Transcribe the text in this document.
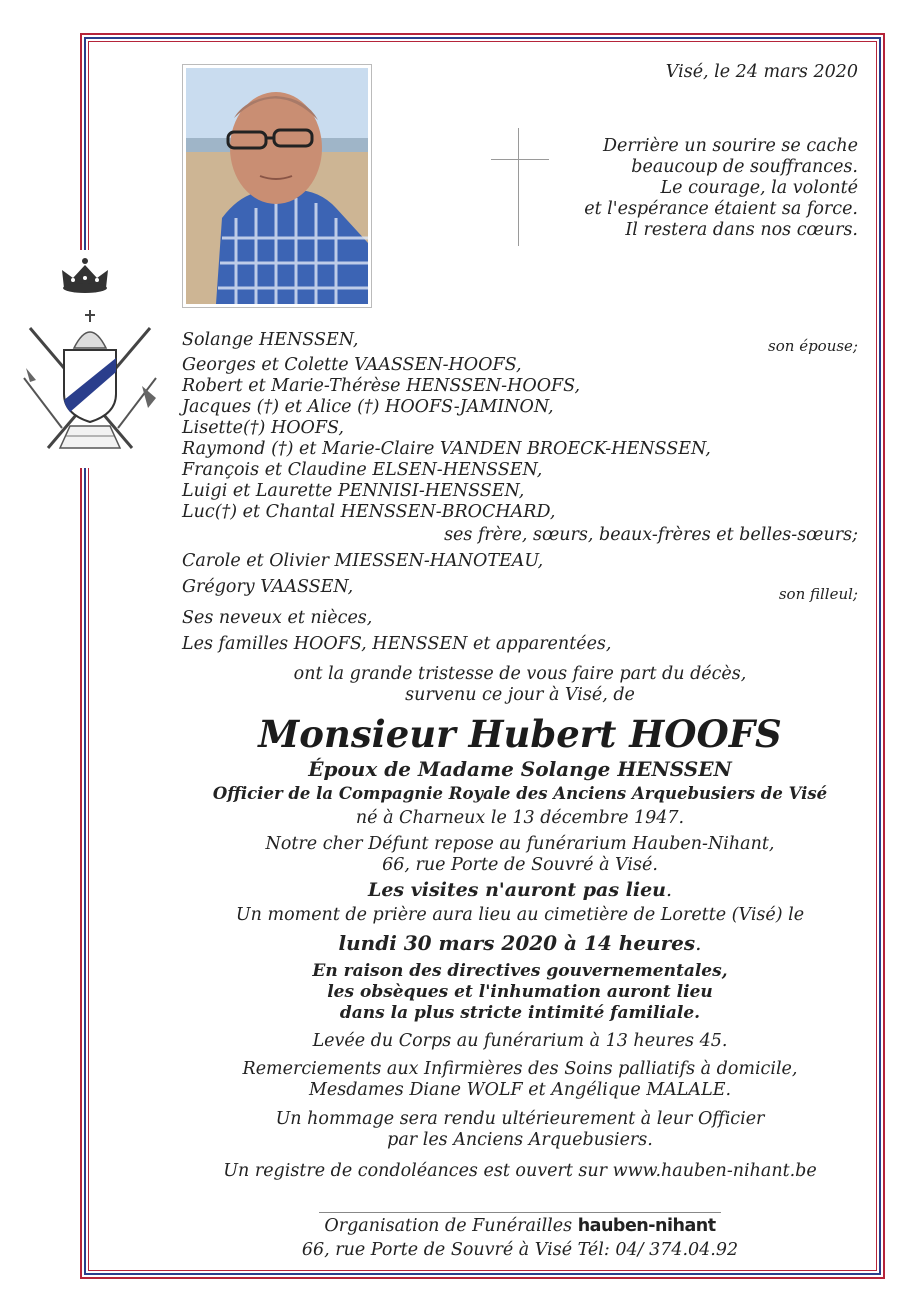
Visé, le 24 mars 2020
Derrière un sourire se cache
beaucoup de souffrances.
Le courage, la volonté
et l'espérance étaient sa force.
Il restera dans nos cœurs.
Solange HENSSEN,	son épouse;
Georges et Colette VAASSEN-HOOFS,
Robert et Marie-Thérèse HENSSEN-HOOFS,
Jacques (†) et Alice (†) HOOFS-JAMINON,
Lisette(†) HOOFS,
Raymond (†) et Marie-Claire VANDEN BROECK-HENSSEN,
François et Claudine ELSEN-HENSSEN,
Luigi et Laurette PENNISI-HENSSEN,
Luc(†) et Chantal HENSSEN-BROCHARD,
ses frère, sœurs, beaux-frères et belles-sœurs;
Carole et Olivier MIESSEN-HANOTEAU,
Grégory VAASSEN,	son filleul;
Ses neveux et nièces,
Les familles HOOFS, HENSSEN et apparentées,
ont la grande tristesse de vous faire part du décès,
survenu ce jour à Visé, de
Monsieur Hubert HOOFS
Époux de Madame Solange HENSSEN
Officier de la Compagnie Royale des Anciens Arquebusiers de Visé
né à Charneux le 13 décembre 1947.
Notre cher Défunt repose au funérarium Hauben-Nihant,
66, rue Porte de Souvré à Visé.
Les visites n'auront pas lieu.
Un moment de prière aura lieu au cimetière de Lorette (Visé) le
lundi 30 mars 2020 à 14 heures.
En raison des directives gouvernementales,
les obsèques et l'inhumation auront lieu
dans la plus stricte intimité familiale.
Levée du Corps au funérarium à 13 heures 45.
Remerciements aux Infirmières des Soins palliatifs à domicile,
Mesdames Diane WOLF et Angélique MALALE.
Un hommage sera rendu ultérieurement à leur Officier
par les Anciens Arquebusiers.
Un registre de condoléances est ouvert sur www.hauben-nihant.be
Organisation de Funérailles hauben-nihant
66, rue Porte de Souvré à Visé Tél: 04/ 374.04.92
